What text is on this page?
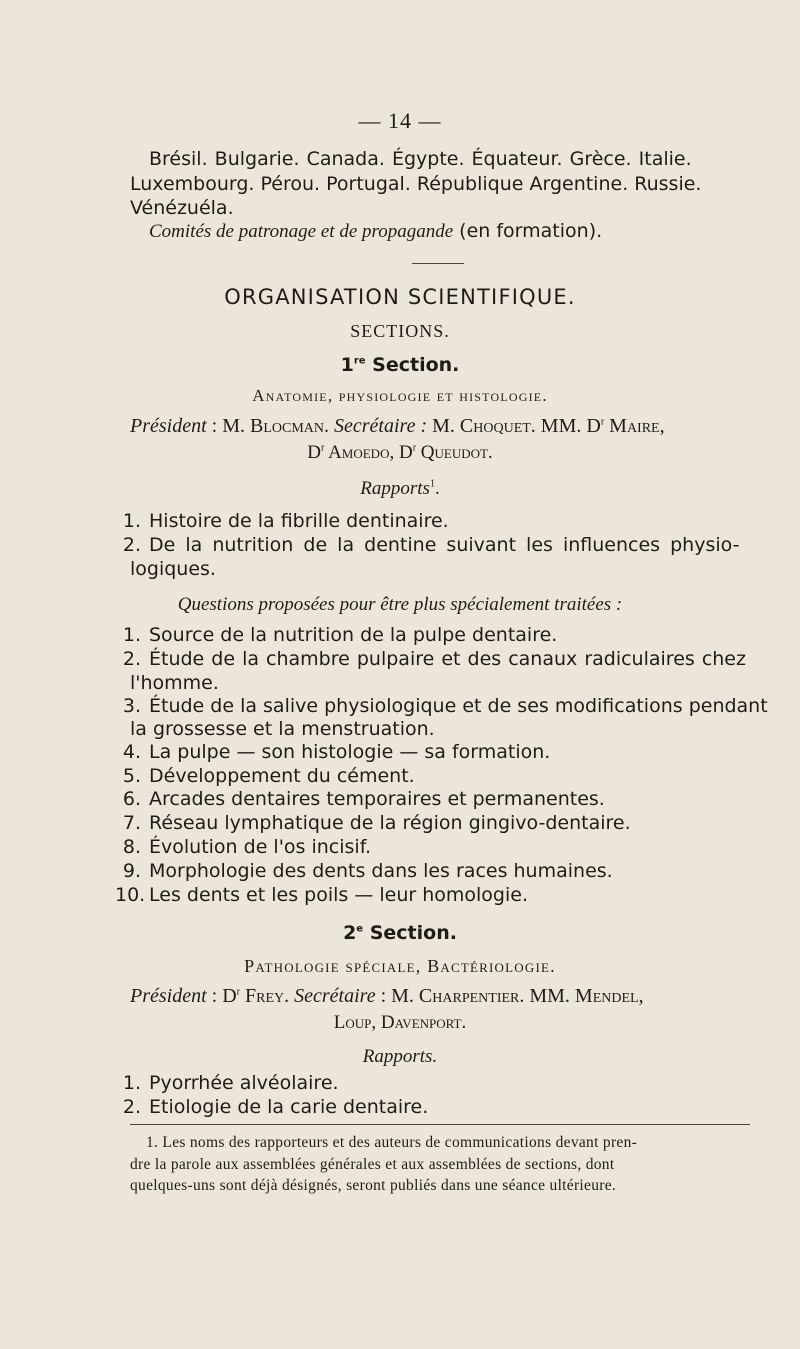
— 14 —
Brésil. Bulgarie. Canada. Égypte. Équateur. Grèce. Italie.
Luxembourg. Pérou. Portugal. République Argentine. Russie.
Vénézuéla.
Comités de patronage et de propagande (en formation).
ORGANISATION SCIENTIFIQUE.
SECTIONS.
1re Section.
Anatomie, physiologie et histologie.
Président : M. Blocman. Secrétaire : M. Choquet. MM. $D^r$ Maire,
$D^r$ Amoedo, $D^r$ Queudot.
Rapports$^1$.
1. Histoire de la fibrille dentinaire.
2. De la nutrition de la dentine suivant les influences physio-
logiques.
Questions proposées pour être plus spécialement traitées :
1. Source de la nutrition de la pulpe dentaire.
2. Étude de la chambre pulpaire et des canaux radiculaires chez
l'homme.
3. Étude de la salive physiologique et de ses modifications pendant
la grossesse et la menstruation.
4. La pulpe — son histologie — sa formation.
5. Développement du cément.
6. Arcades dentaires temporaires et permanentes.
7. Réseau lymphatique de la région gingivo-dentaire.
8. Évolution de l'os incisif.
9. Morphologie des dents dans les races humaines.
10. Les dents et les poils — leur homologie.
2e Section.
Pathologie spéciale, Bactériologie.
Président : $D^r$ Frey. Secrétaire : M. Charpentier. MM. Mendel,
Loup, Davenport.
Rapports.
1. Pyorrhée alvéolaire.
2. Etiologie de la carie dentaire.
1. Les noms des rapporteurs et des auteurs de communications devant pren-
dre la parole aux assemblées générales et aux assemblées de sections, dont
quelques-uns sont déjà désignés, seront publiés dans une séance ultérieure.
